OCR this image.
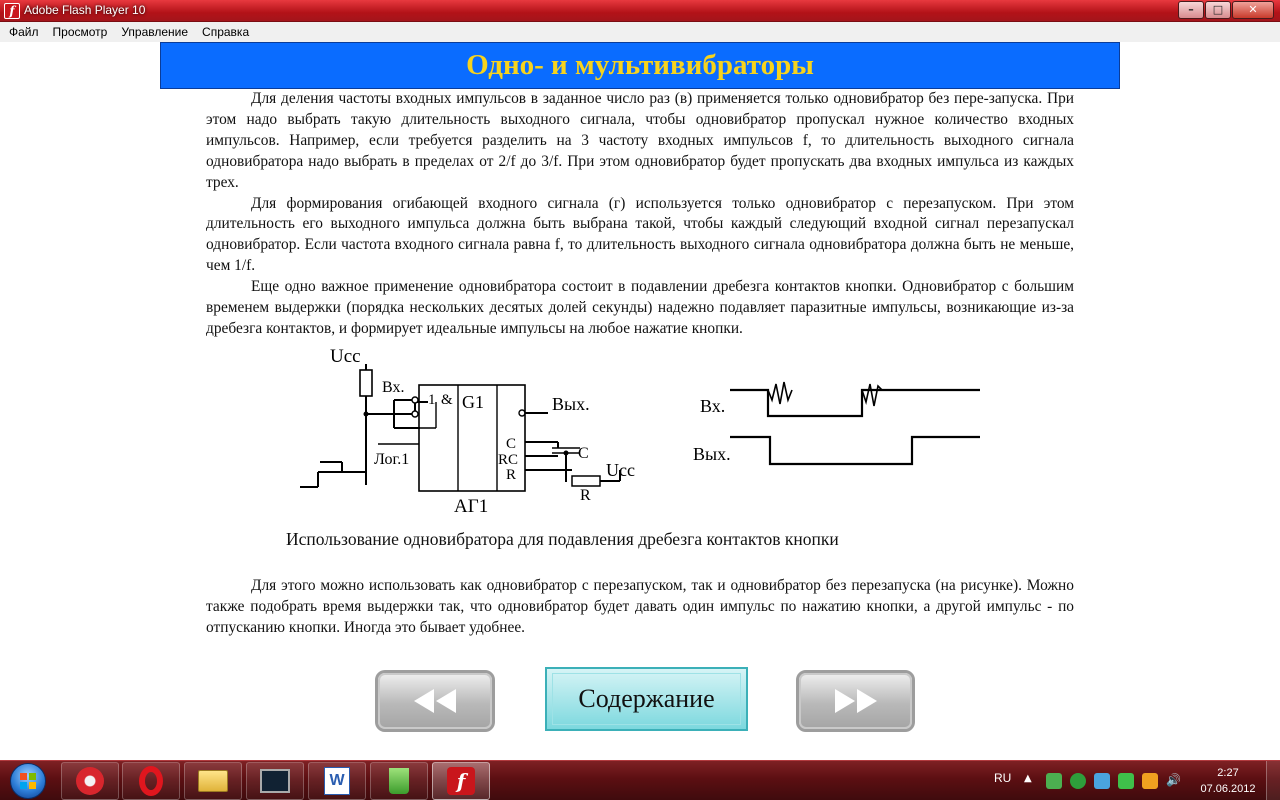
f Adobe Flash Player 10	–	□	✕
Файл	Просмотр	Управление	Справка
Одно- и мультивибраторы

Для деления частоты входных импульсов в заданное число раз (в) применяется только одновибратор без пере-запуска. При этом надо выбрать такую длительность выходного сигнала, чтобы одновибратор пропускал нужное количество входных импульсов. Например, если требуется разделить на 3 частоту входных импульсов f, то длительность выходного сигнала одновибратора надо выбрать в пределах от 2/f до 3/f. При этом одновибратор будет пропускать два входных импульса из каждых трех.

Для формирования огибающей входного сигнала (г) используется только одновибратор с перезапуском. При этом длительность его выходного импульса должна быть выбрана такой, чтобы каждый следующий входной сигнал перезапускал одновибратор. Если частота входного сигнала равна f, то длительность выходного сигнала одновибратора должна быть не меньше, чем 1/f.

Еще одно важное применение одновибратора состоит в подавлении дребезга контактов кнопки. Одновибратор с большим временем выдержки (порядка нескольких десятых долей секунды) надежно подавляет паразитные импульсы, возникающие из-за дребезга контактов, и формирует идеальные импульсы на любое нажатие кнопки.

Ucc
Вх.
1 & G1	Вых.
Лог.1
C
RC
R
C
Ucc
R
АГ1
Вх.
Вых.
Использование одновибратора для подавления дребезга контактов кнопки

Для этого можно использовать как одновибратор с перезапуском, так и одновибратор без перезапуска (на рисунке). Можно также подобрать время выдержки так, что одновибратор будет давать один импульс по нажатию кнопки, а другой импульс - по отпусканию кнопки. Иногда это бывает удобнее.

Содержание
W	f	RU ▲	🔊	2:27
07.06.2012
